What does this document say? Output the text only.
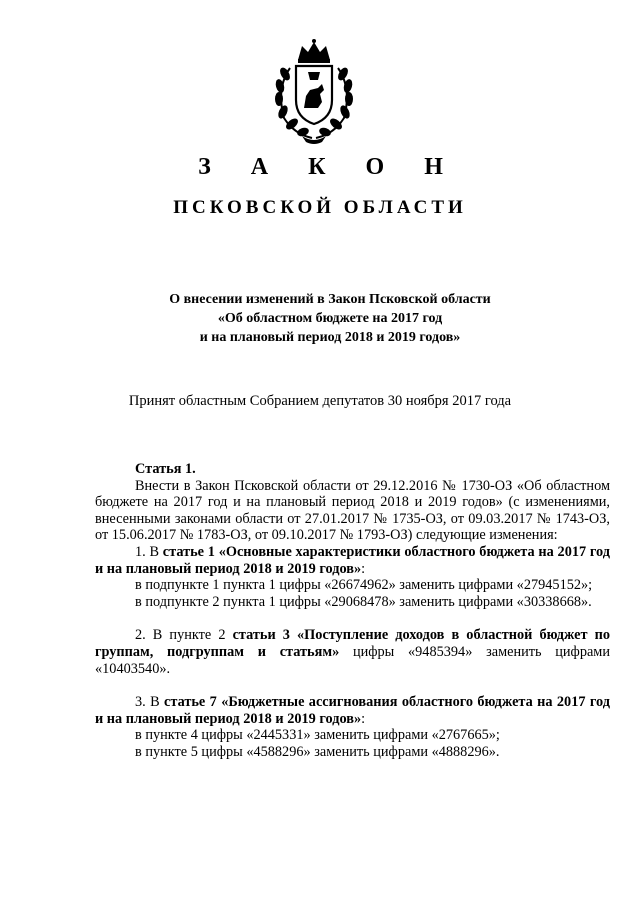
З А К О Н
ПСКОВСКОЙ ОБЛАСТИ
О внесении изменений в Закон Псковской области
«Об областном бюджете на 2017 год
и на плановый период 2018 и 2019 годов»
Принят областным Собранием депутатов 30 ноября 2017 года

Статья 1.

Внести в Закон Псковской области от 29.12.2016 № 1730-ОЗ «Об областном бюджете на 2017 год и на плановый период 2018 и 2019 годов» (с изменениями, внесенными законами области от 27.01.2017 № 1735-ОЗ, от 09.03.2017 № 1743-ОЗ, от 15.06.2017 № 1783-ОЗ, от 09.10.2017 № 1793-ОЗ) следующие изменения:

1. В статье 1 «Основные характеристики областного бюджета на 2017 год и на плановый период 2018 и 2019 годов»:

в подпункте 1 пункта 1 цифры «26674962» заменить цифрами «27945152»;

в подпункте 2 пункта 1 цифры «29068478» заменить цифрами «30338668».

2. В пункте 2 статьи 3 «Поступление доходов в областной бюджет по группам, подгруппам и статьям» цифры «9485394» заменить цифрами «10403540».

3. В статье 7 «Бюджетные ассигнования областного бюджета на 2017 год и на плановый период 2018 и 2019 годов»:

в пункте 4 цифры «2445331» заменить цифрами «2767665»;

в пункте 5 цифры «4588296» заменить цифрами «4888296».
